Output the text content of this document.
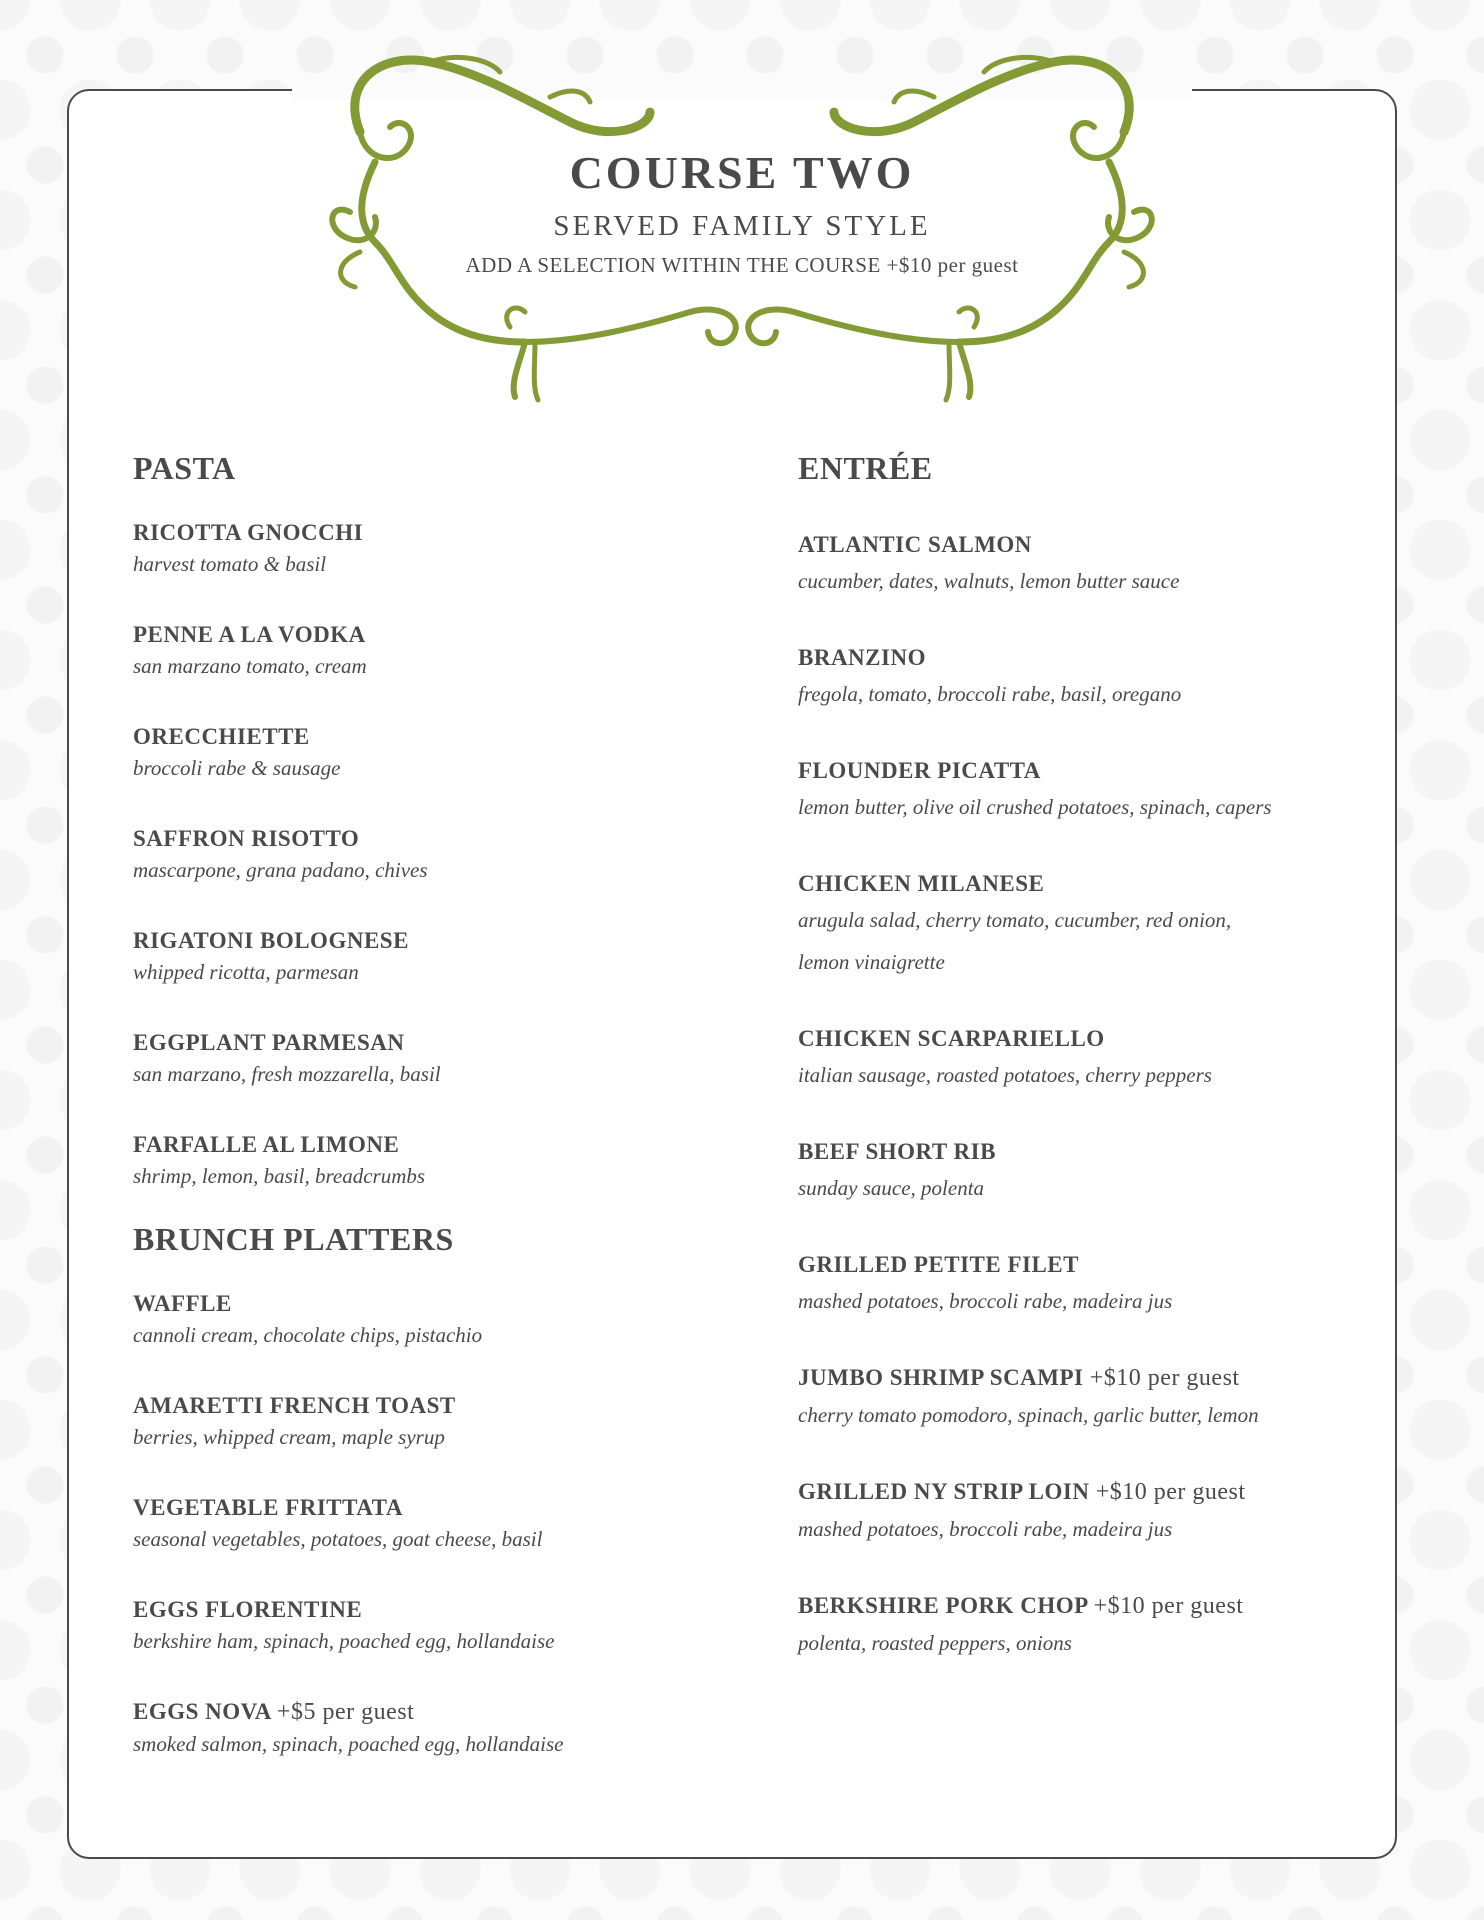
COURSE TWO
SERVED FAMILY STYLE
ADD A SELECTION WITHIN THE COURSE +$10 per guest
PASTA
RICOTTA GNOCCHI
harvest tomato & basil
PENNE A LA VODKA
san marzano tomato, cream
ORECCHIETTE
broccoli rabe & sausage
SAFFRON RISOTTO
mascarpone, grana padano, chives
RIGATONI BOLOGNESE
whipped ricotta, parmesan
EGGPLANT PARMESAN
san marzano, fresh mozzarella, basil
FARFALLE AL LIMONE
shrimp, lemon, basil, breadcrumbs
BRUNCH PLATTERS
WAFFLE
cannoli cream, chocolate chips, pistachio
AMARETTI FRENCH TOAST
berries, whipped cream, maple syrup
VEGETABLE FRITTATA
seasonal vegetables, potatoes, goat cheese, basil
EGGS FLORENTINE
berkshire ham, spinach, poached egg, hollandaise
EGGS NOVA +$5 per guest
smoked salmon, spinach, poached egg, hollandaise
ENTRÉE
ATLANTIC SALMON
cucumber, dates, walnuts, lemon butter sauce
BRANZINO
fregola, tomato, broccoli rabe, basil, oregano
FLOUNDER PICATTA
lemon butter, olive oil crushed potatoes, spinach, capers
CHICKEN MILANESE
arugula salad, cherry tomato, cucumber, red onion,
lemon vinaigrette
CHICKEN SCARPARIELLO
italian sausage, roasted potatoes, cherry peppers
BEEF SHORT RIB
sunday sauce, polenta
GRILLED PETITE FILET
mashed potatoes, broccoli rabe, madeira jus
JUMBO SHRIMP SCAMPI +$10 per guest
cherry tomato pomodoro, spinach, garlic butter, lemon
GRILLED NY STRIP LOIN +$10 per guest
mashed potatoes, broccoli rabe, madeira jus
BERKSHIRE PORK CHOP +$10 per guest
polenta, roasted peppers, onions
